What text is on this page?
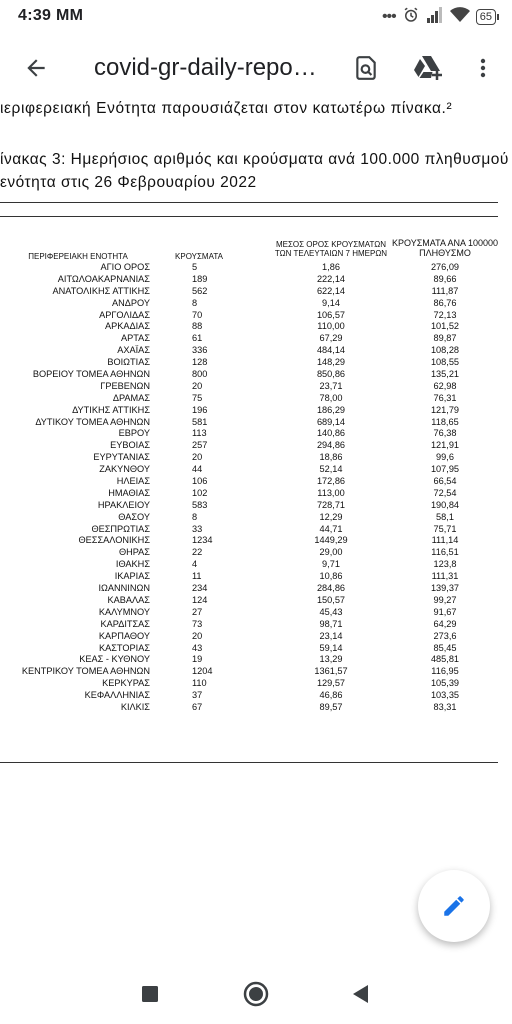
4:39 MM	•••	65
covid-gr-daily-repo…
ιεριφερειακή Ενότητα παρουσιάζεται στον κατωτέρω πίνακα.²
ίνακας 3: Ημερήσιος αριθμός και κρούσματα ανά 100.000 πληθυσμού
ενότητα στις 26 Φεβρουαρίου 2022
ΠΕΡΙΦΕΡΕΙΑΚΗ ΕΝΟΤΗΤΑ	ΚΡΟΥΣΜΑΤΑ
ΜΕΣΟΣ ΟΡΟΣ ΚΡΟΥΣΜΑΤΩΝ
ΤΩΝ ΤΕΛΕΥΤΑΙΩΝ 7 ΗΜΕΡΩΝ
ΚΡΟΥΣΜΑΤΑ ΑΝΑ 100000
ΠΛΗΘΥΣΜΟ
ΑΓΙΟ ΟΡΟΣ	5	1,86	276,09
ΑΙΤΩΛΟΑΚΑΡΝΑΝΙΑΣ	189	222,14	89,66
ΑΝΑΤΟΛΙΚΗΣ ΑΤΤΙΚΗΣ	562	622,14	111,87
ΑΝΔΡΟΥ	8	9,14	86,76
ΑΡΓΟΛΙΔΑΣ	70	106,57	72,13
ΑΡΚΑΔΙΑΣ	88	110,00	101,52
ΑΡΤΑΣ	61	67,29	89,87
ΑΧΑΪΑΣ	336	484,14	108,28
ΒΟΙΩΤΙΑΣ	128	148,29	108,55
ΒΟΡΕΙΟΥ ΤΟΜΕΑ ΑΘΗΝΩΝ	800	850,86	135,21
ΓΡΕΒΕΝΩΝ	20	23,71	62,98
ΔΡΑΜΑΣ	75	78,00	76,31
ΔΥΤΙΚΗΣ ΑΤΤΙΚΗΣ	196	186,29	121,79
ΔΥΤΙΚΟΥ ΤΟΜΕΑ ΑΘΗΝΩΝ	581	689,14	118,65
ΕΒΡΟΥ	113	140,86	76,38
ΕΥΒΟΙΑΣ	257	294,86	121,91
ΕΥΡΥΤΑΝΙΑΣ	20	18,86	99,6
ΖΑΚΥΝΘΟΥ	44	52,14	107,95
ΗΛΕΙΑΣ	106	172,86	66,54
ΗΜΑΘΙΑΣ	102	113,00	72,54
ΗΡΑΚΛΕΙΟΥ	583	728,71	190,84
ΘΑΣΟΥ	8	12,29	58,1
ΘΕΣΠΡΩΤΙΑΣ	33	44,71	75,71
ΘΕΣΣΑΛΟΝΙΚΗΣ	1234	1449,29	111,14
ΘΗΡΑΣ	22	29,00	116,51
ΙΘΑΚΗΣ	4	9,71	123,8
ΙΚΑΡΙΑΣ	11	10,86	111,31
ΙΩΑΝΝΙΝΩΝ	234	284,86	139,37
ΚΑΒΑΛΑΣ	124	150,57	99,27
ΚΑΛΥΜΝΟΥ	27	45,43	91,67
ΚΑΡΔΙΤΣΑΣ	73	98,71	64,29
ΚΑΡΠΑΘΟΥ	20	23,14	273,6
ΚΑΣΤΟΡΙΑΣ	43	59,14	85,45
ΚΕΑΣ - ΚΥΘΝΟΥ	19	13,29	485,81
ΚΕΝΤΡΙΚΟΥ ΤΟΜΕΑ ΑΘΗΝΩΝ	1204	1361,57	116,95
ΚΕΡΚΥΡΑΣ	110	129,57	105,39
ΚΕΦΑΛΛΗΝΙΑΣ	37	46,86	103,35
ΚΙΛΚΙΣ	67	89,57	83,31
